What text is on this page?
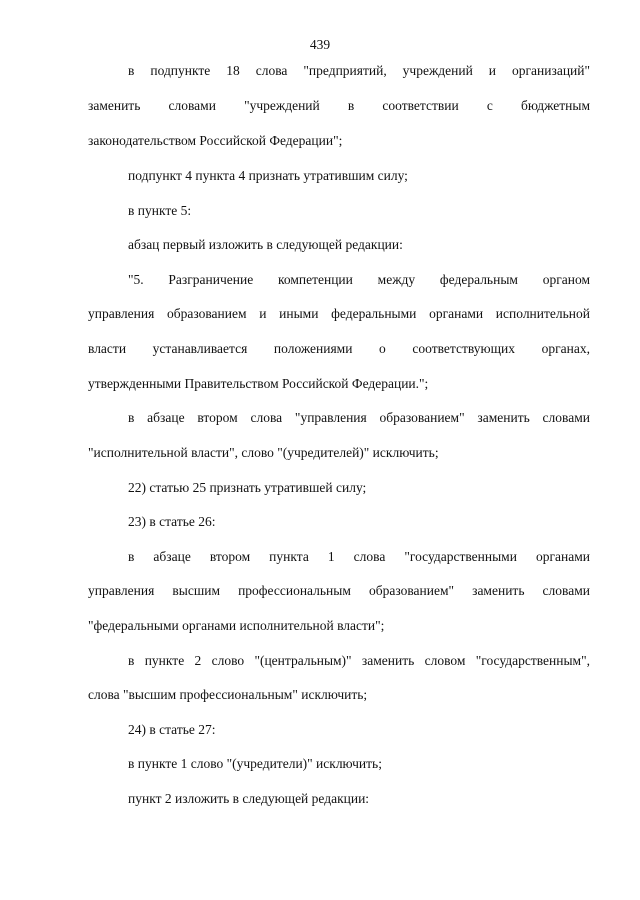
439
в подпункте 18 слова "предприятий, учреждений и организаций"
заменить словами "учреждений в соответствии с бюджетным
законодательством Российской Федерации";
подпункт 4 пункта 4 признать утратившим силу;
в пункте 5:
абзац первый изложить в следующей редакции:
"5. Разграничение компетенции между федеральным органом
управления образованием и иными федеральными органами исполнительной
власти устанавливается положениями о соответствующих органах,
утвержденными Правительством Российской Федерации.";
в абзаце втором слова "управления образованием" заменить словами
"исполнительной власти", слово "(учредителей)" исключить;
22) статью 25 признать утратившей силу;
23) в статье 26:
в абзаце втором пункта 1 слова "государственными органами
управления высшим профессиональным образованием" заменить словами
"федеральными органами исполнительной власти";
в пункте 2 слово "(центральным)" заменить словом "государственным",
слова "высшим профессиональным" исключить;
24) в статье 27:
в пункте 1 слово "(учредители)" исключить;
пункт 2 изложить в следующей редакции:
